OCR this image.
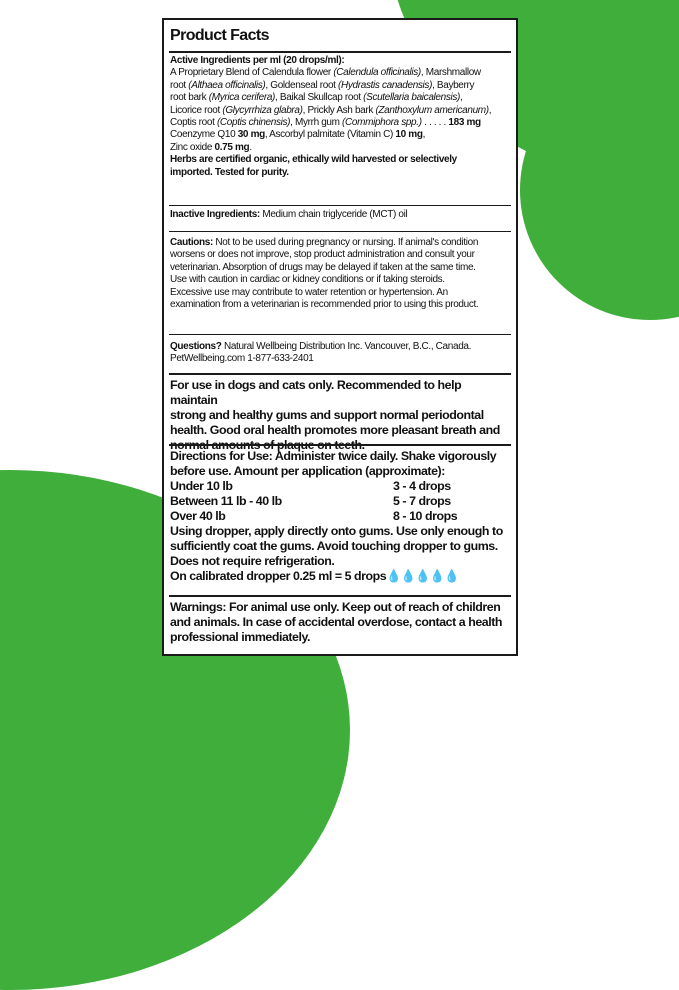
Product Facts
Active Ingredients per ml (20 drops/ml):
A Proprietary Blend of Calendula flower (Calendula officinalis), Marshmallow
root (Althaea officinalis), Goldenseal root (Hydrastis canadensis), Bayberry
root bark (Myrica cerifera), Baikal Skullcap root (Scutellaria baicalensis),
Licorice root (Glycyrrhiza glabra), Prickly Ash bark (Zanthoxylum americanum),
Coptis root (Coptis chinensis), Myrrh gum (Commiphora spp.) . . . . . 183 mg
Coenzyme Q10 30 mg, Ascorbyl palmitate (Vitamin C) 10 mg,
Zinc oxide 0.75 mg.
Herbs are certified organic, ethically wild harvested or selectively
imported. Tested for purity.
Inactive Ingredients: Medium chain triglyceride (MCT) oil
Cautions: Not to be used during pregnancy or nursing. If animal's condition
worsens or does not improve, stop product administration and consult your
veterinarian. Absorption of drugs may be delayed if taken at the same time.
Use with caution in cardiac or kidney conditions or if taking steroids.
Excessive use may contribute to water retention or hypertension. An
examination from a veterinarian is recommended prior to using this product.
Questions? Natural Wellbeing Distribution Inc. Vancouver, B.C., Canada.
PetWellbeing.com 1-877-633-2401
For use in dogs and cats only. Recommended to help maintain
strong and healthy gums and support normal periodontal
health. Good oral health promotes more pleasant breath and
normal amounts of plaque on teeth.
Directions for Use: Administer twice daily. Shake vigorously
before use. Amount per application (approximate):
Under 10 lb	3 - 4 drops
Between 11 lb - 40 lb	5 - 7 drops
Over 40 lb	8 - 10 drops
Using dropper, apply directly onto gums. Use only enough to
sufficiently coat the gums. Avoid touching dropper to gums.
Does not require refrigeration.
On calibrated dropper 0.25 ml = 5 drops💧💧💧💧💧
Warnings: For animal use only. Keep out of reach of children
and animals. In case of accidental overdose, contact a health
professional immediately.
